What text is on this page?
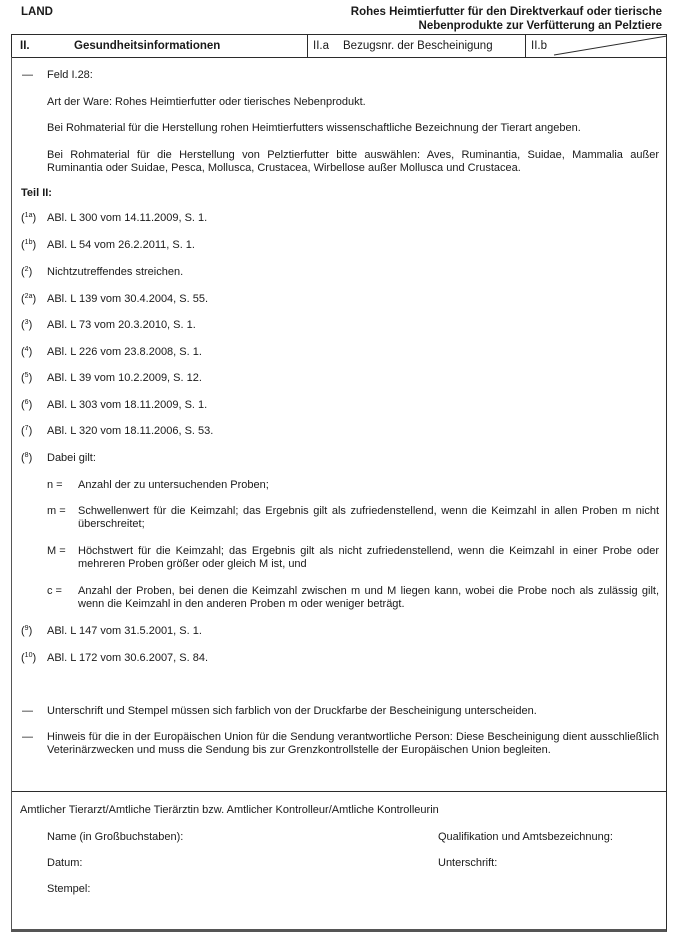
LAND	Rohes Heimtierfutter für den Direktverkauf oder tierische
Nebenprodukte zur Verfütterung an Pelztiere
II.	Gesundheitsinformationen	II.a	Bezugsnr. der Bescheinigung	II.b
— Feld I.28:
Art der Ware: Rohes Heimtierfutter oder tierisches Nebenprodukt.
Bei Rohmaterial für die Herstellung rohen Heimtierfutters wissenschaftliche Bezeichnung der Tierart angeben.
Bei Rohmaterial für die Herstellung von Pelztierfutter bitte auswählen: Aves, Ruminantia, Suidae, Mammalia außer Ruminantia oder Suidae, Pesca, Mollusca, Crustacea, Wirbellose außer Mollusca und Crustacea.
Teil II:
($^{1a}$) ABl. L 300 vom 14.11.2009, S. 1.
($^{1b}$) ABl. L 54 vom 26.2.2011, S. 1.
($^2$) Nichtzutreffendes streichen.
($^{2a}$) ABl. L 139 vom 30.4.2004, S. 55.
($^3$) ABl. L 73 vom 20.3.2010, S. 1.
($^4$) ABl. L 226 vom 23.8.2008, S. 1.
($^5$) ABl. L 39 vom 10.2.2009, S. 12.
($^6$) ABl. L 303 vom 18.11.2009, S. 1.
($^7$) ABl. L 320 vom 18.11.2006, S. 53.
($^8$) Dabei gilt:
n = Anzahl der zu untersuchenden Proben;
m = Schwellenwert für die Keimzahl; das Ergebnis gilt als zufriedenstellend, wenn die Keimzahl in allen Proben m nicht überschreitet;
M = Höchstwert für die Keimzahl; das Ergebnis gilt als nicht zufriedenstellend, wenn die Keimzahl in einer Probe oder mehreren Proben größer oder gleich M ist, und
c = Anzahl der Proben, bei denen die Keimzahl zwischen m und M liegen kann, wobei die Probe noch als zulässig gilt, wenn die Keimzahl in den anderen Proben m oder weniger beträgt.
($^9$) ABl. L 147 vom 31.5.2001, S. 1.
($^{10}$) ABl. L 172 vom 30.6.2007, S. 84.
— Unterschrift und Stempel müssen sich farblich von der Druckfarbe der Bescheinigung unterscheiden.
— Hinweis für die in der Europäischen Union für die Sendung verantwortliche Person: Diese Bescheinigung dient ausschließlich Veterinärzwecken und muss die Sendung bis zur Grenzkontrollstelle der Europäischen Union begleiten.
Amtlicher Tierarzt/Amtliche Tierärztin bzw. Amtlicher Kontrolleur/Amtliche Kontrolleurin
Name (in Großbuchstaben):	Qualifikation und Amtsbezeichnung:
Datum:	Unterschrift:
Stempel:
